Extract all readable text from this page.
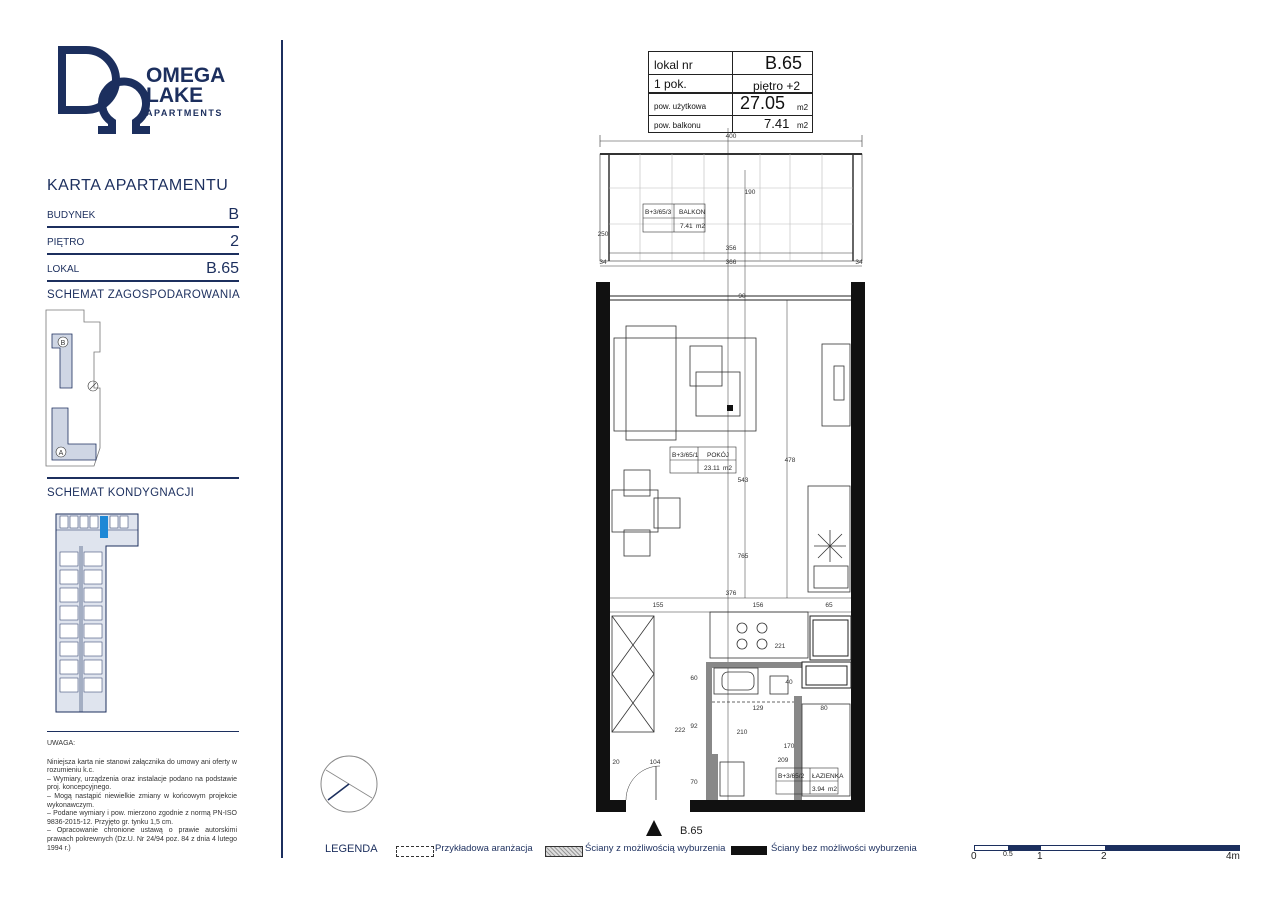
OMEGA
LAKE
APARTMENTS
KARTA APARTAMENTU
BUDYNEK	B
PIĘTRO	2
LOKAL	B.65
SCHEMAT ZAGOSPODAROWANIA
B
A
SCHEMAT KONDYGNACJI

UWAGA:

Niniejsza karta nie stanowi załącznika do umowy ani oferty w rozumieniu k.c.

– Wymiary, urządzenia oraz instalacje podano na podstawie proj. koncepcyjnego.

– Mogą nastąpić niewielkie zmiany w końcowym projekcie wykonawczym.

– Podane wymiary i pow. mierzono zgodnie z normą PN-ISO 9836-2015-12. Przyjęto gr. tynku 1,5 cm.

– Opracowanie chronione ustawą o prawie autorskimi prawach pokrewnych (Dz.U. Nr 24/94 poz. 84 z dnia 4 lutego 1994 r.)

lokal nr	B.65
1 pok.	piętro +2
pow. użytkowa 27.05 m2
pow. balkonu	7.41 m2
B+3/65/3 BALKON
7.41 m2
B+3/65/1 POKÓJ
23.11 m2
B+3/65/2 ŁAZIENKA
3.94 m2
400
356
366
34	34
250
190
90
478
543
765
376
155	156	65
221
60
40
129	80
222
92
210
170
20	104
70
209
B.65
LEGENDA	Przykładowa aranżacja	Ściany z możliwością wyburzenia	Ściany bez możliwości wyburzenia
0	0.5 1	2	4m
